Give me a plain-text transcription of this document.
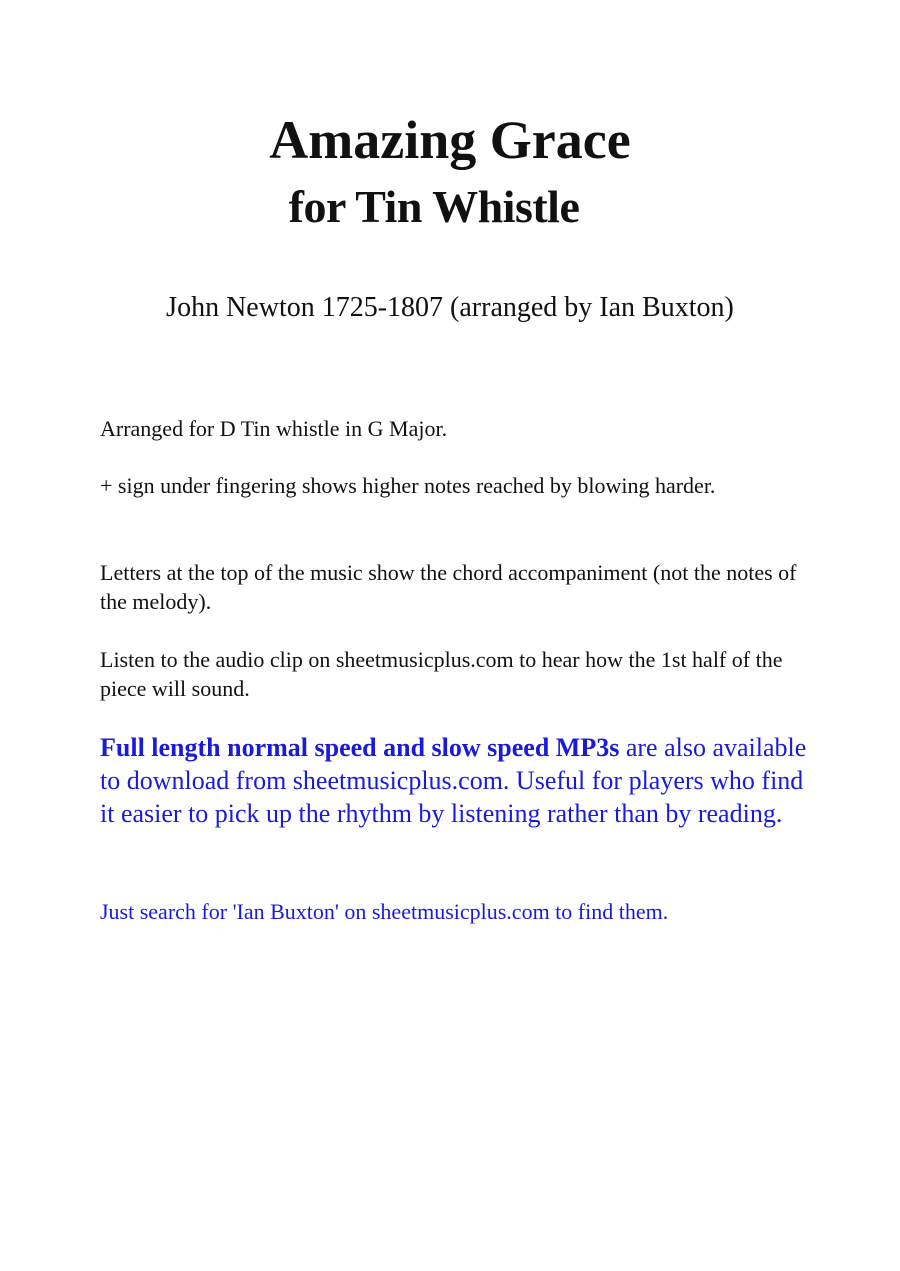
Amazing Grace
for Tin Whistle

John Newton 1725-1807 (arranged by Ian Buxton)

Arranged for D Tin whistle in G Major.

+ sign under fingering shows higher notes reached by blowing harder.

Letters at the top of the music show the chord accompaniment (not the notes of the melody).

Listen to the audio clip on sheetmusicplus.com to hear how the 1st half of the piece will sound.

Full length normal speed and slow speed MP3s are also available to download from sheetmusicplus.com. Useful for players who find it easier to pick up the rhythm by listening rather than by reading.

Just search for 'Ian Buxton' on sheetmusicplus.com to find them.
